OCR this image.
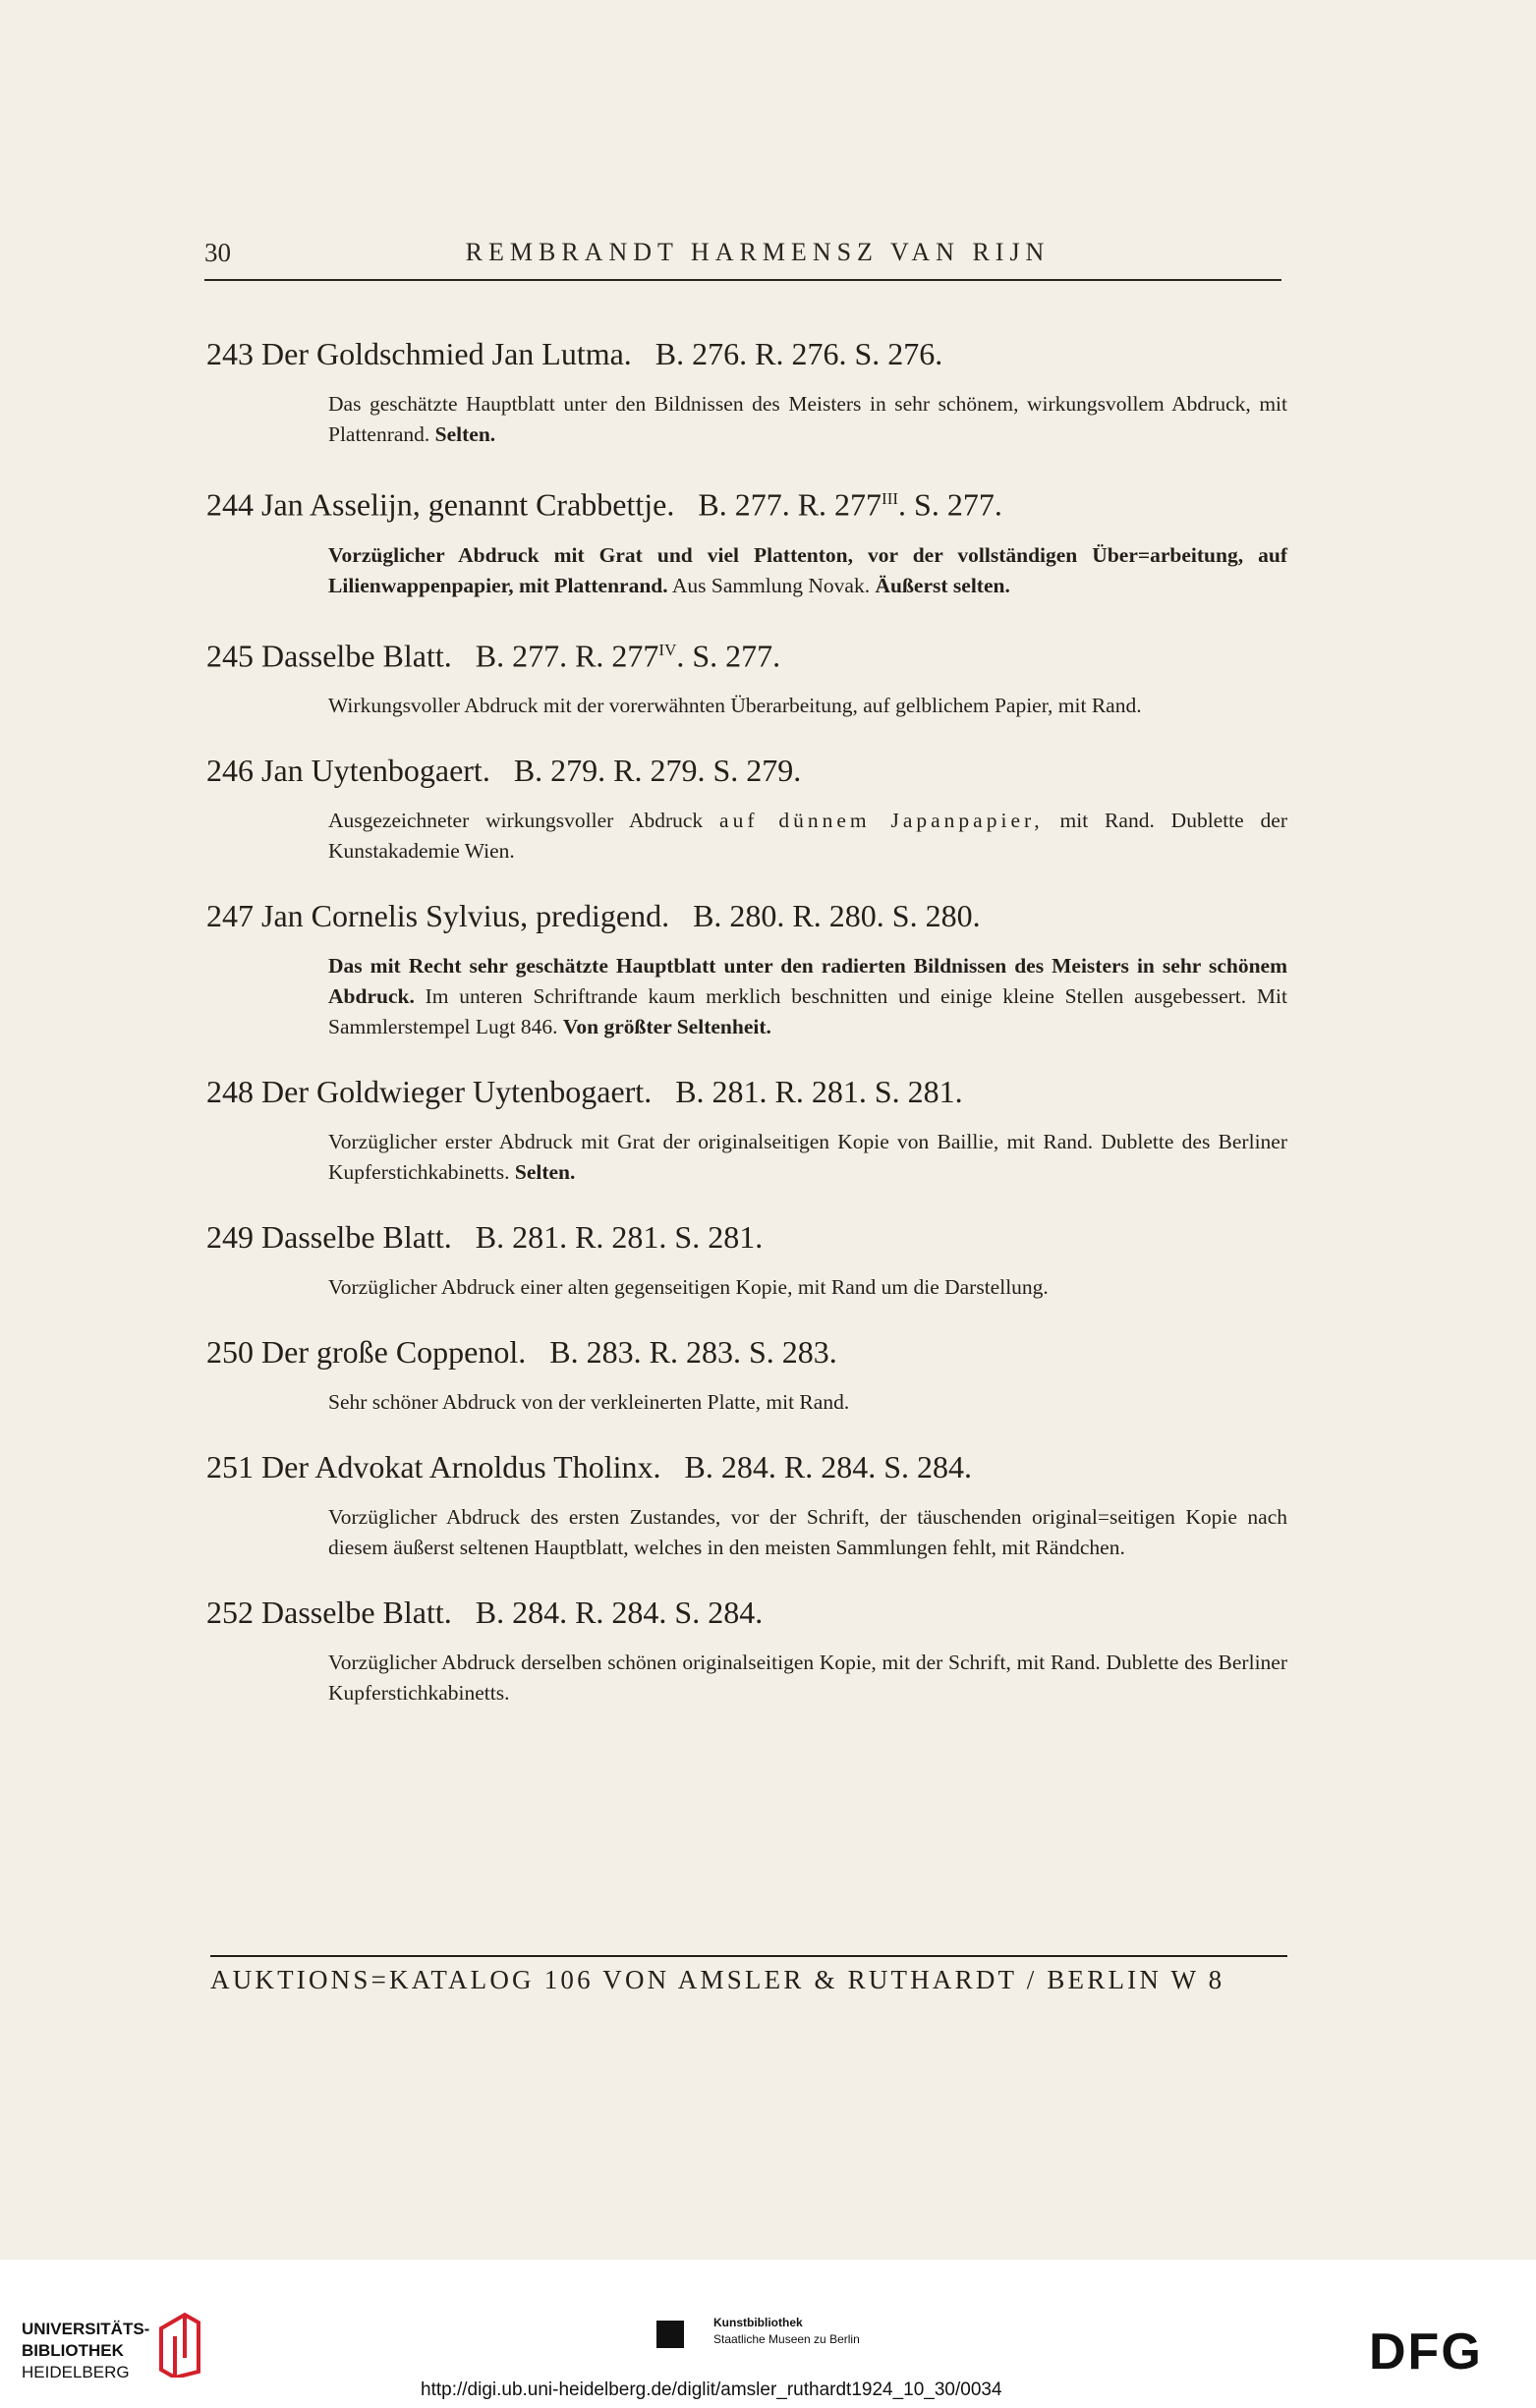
30	REMBRANDT HARMENSZ VAN RIJN
243 Der Goldschmied Jan Lutma. B. 276. R. 276. S. 276.
Das geschätzte Hauptblatt unter den Bildnissen des Meisters in sehr schönem, wirkungsvollem Abdruck, mit Plattenrand. Selten.
244 Jan Asselijn, genannt Crabbettje. B. 277. R. $277^{III}$. S. 277.
Vorzüglicher Abdruck mit Grat und viel Plattenton, vor der vollständigen Über=arbeitung, auf Lilienwappenpapier, mit Plattenrand. Aus Sammlung Novak. Äußerst selten.
245 Dasselbe Blatt. B. 277. R. $277^{IV}$. S. 277.
Wirkungsvoller Abdruck mit der vorerwähnten Überarbeitung, auf gelblichem Papier, mit Rand.
246 Jan Uytenbogaert. B. 279. R. 279. S. 279.
Ausgezeichneter wirkungsvoller Abdruck auf dünnem Japanpapier, mit Rand. Dublette der Kunstakademie Wien.
247 Jan Cornelis Sylvius, predigend. B. 280. R. 280. S. 280.
Das mit Recht sehr geschätzte Hauptblatt unter den radierten Bildnissen des Meisters in sehr schönem Abdruck. Im unteren Schriftrande kaum merklich beschnitten und einige kleine Stellen ausgebessert. Mit Sammlerstempel Lugt 846. Von größter Seltenheit.
248 Der Goldwieger Uytenbogaert. B. 281. R. 281. S. 281.
Vorzüglicher erster Abdruck mit Grat der originalseitigen Kopie von Baillie, mit Rand. Dublette des Berliner Kupferstichkabinetts. Selten.
249 Dasselbe Blatt. B. 281. R. 281. S. 281.
Vorzüglicher Abdruck einer alten gegenseitigen Kopie, mit Rand um die Darstellung.
250 Der große Coppenol. B. 283. R. 283. S. 283.
Sehr schöner Abdruck von der verkleinerten Platte, mit Rand.
251 Der Advokat Arnoldus Tholinx. B. 284. R. 284. S. 284.
Vorzüglicher Abdruck des ersten Zustandes, vor der Schrift, der täuschenden original=seitigen Kopie nach diesem äußerst seltenen Hauptblatt, welches in den meisten Sammlungen fehlt, mit Rändchen.
252 Dasselbe Blatt. B. 284. R. 284. S. 284.
Vorzüglicher Abdruck derselben schönen originalseitigen Kopie, mit der Schrift, mit Rand. Dublette des Berliner Kupferstichkabinetts.
AUKTIONS=KATALOG 106 VON AMSLER & RUTHARDT / BERLIN W 8
UNIVERSITÄTS-
BIBLIOTHEK
HEIDELBERG
Kunstbibliothek
Staatliche Museen zu Berlin	DFG
http://digi.ub.uni-heidelberg.de/diglit/amsler_ruthardt1924_10_30/0034
